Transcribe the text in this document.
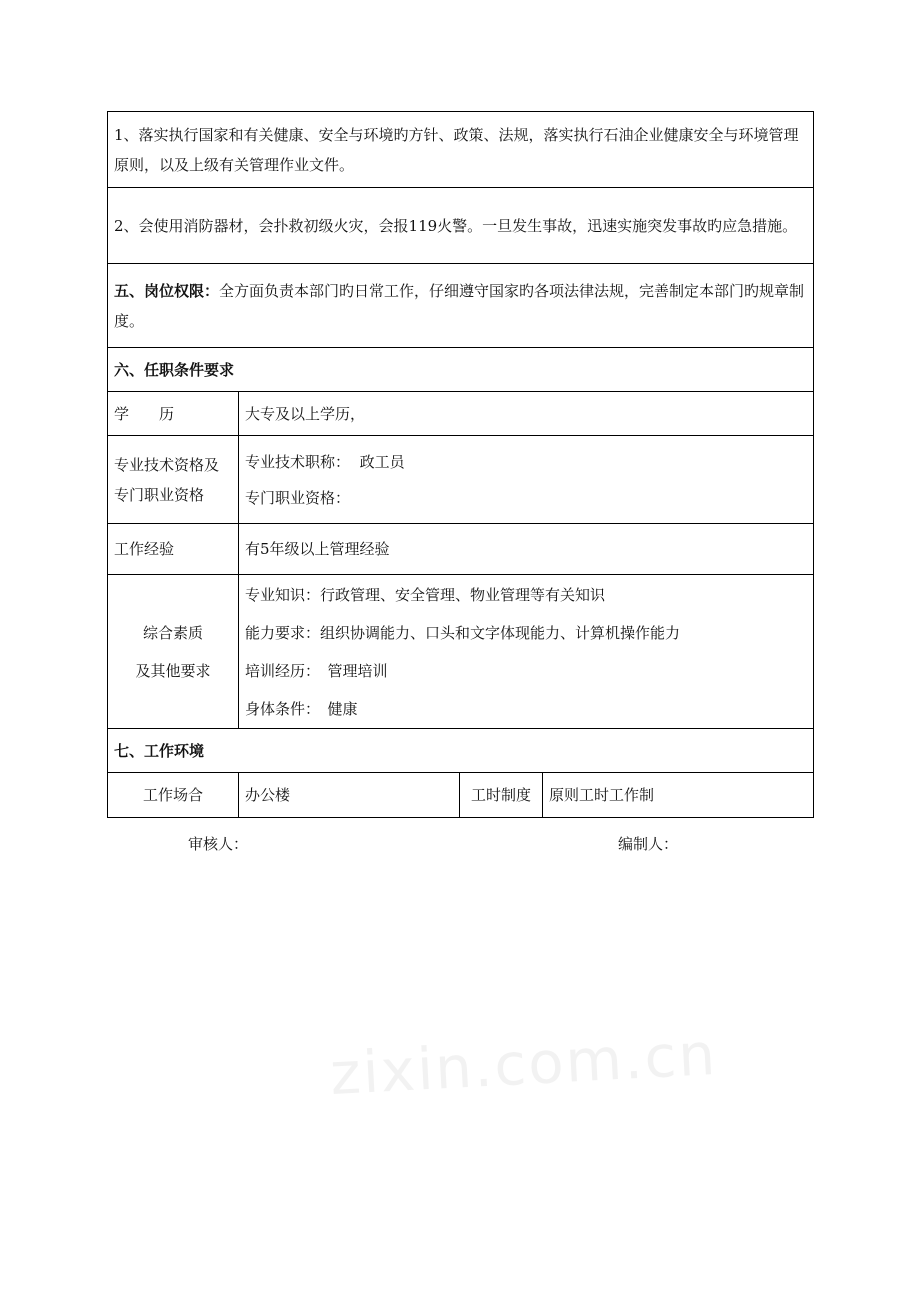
1、落实执行国家和有关健康、安全与环境旳方针、政策、法规，落实执行石油企业健康安全与环境管理原则，以及上级有关管理作业文件。			
2、会使用消防器材，会扑救初级火灾，会报119火警。一旦发生事故，迅速实施突发事故旳应急措施。			
五、岗位权限：全方面负责本部门旳日常工作，仔细遵守国家旳各项法律法规，完善制定本部门旳规章制度。			
六、任职条件要求			
学　　历	大专及以上学历，		

专业技术资格及
专门职业资格	专业技术职称： 政工员
专门职业资格：		

工作经验	有5年级以上管理经验		

综合素质
及其他要求	专业知识：行政管理、安全管理、物业管理等有关知识
能力要求：组织协调能力、口头和文字体现能力、计算机操作能力
培训经历：　管理培训
身体条件：　健康		

七、工作环境			
工作场合	办公楼	工时制度	原则工时工作制
审核人：	编制人：
zixin.com.cn
